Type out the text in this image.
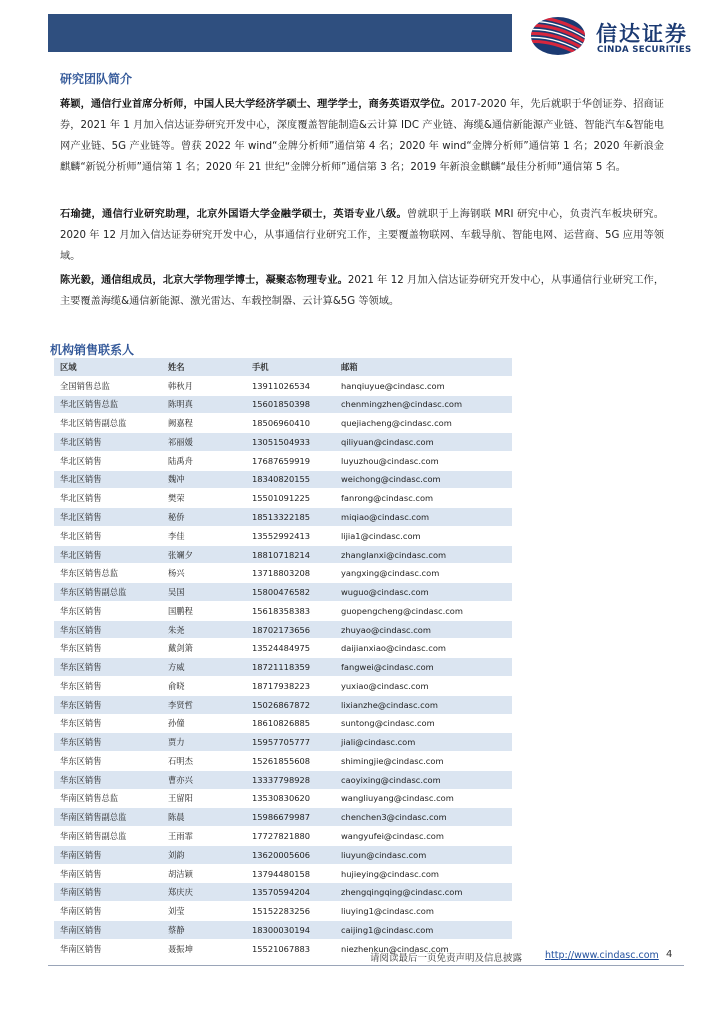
信达证券
CINDA SECURITIES
研究团队简介
蒋颖，通信行业首席分析师，中国人民大学经济学硕士、理学学士，商务英语双学位。2017-2020 年，先后就职于华创证券、招商证券，2021 年 1 月加入信达证券研究开发中心，深度覆盖智能制造&云计算 IDC 产业链、海缆&通信新能源产业链、智能汽车&智能电网产业链、5G 产业链等。曾获 2022 年 wind“金牌分析师”通信第 4 名；2020 年 wind“金牌分析师”通信第 1 名；2020 年新浪金麒麟“新锐分析师”通信第 1 名；2020 年 21 世纪“金牌分析师”通信第 3 名；2019 年新浪金麒麟“最佳分析师”通信第 5 名。
石瑜捷，通信行业研究助理，北京外国语大学金融学硕士，英语专业八级。曾就职于上海钢联 MRI 研究中心，负责汽车板块研究。2020 年 12 月加入信达证券研究开发中心，从事通信行业研究工作，主要覆盖物联网、车载导航、智能电网、运营商、5G 应用等领域。
陈光毅，通信组成员，北京大学物理学博士，凝聚态物理专业。2021 年 12 月加入信达证券研究开发中心，从事通信行业研究工作，主要覆盖海缆&通信新能源、激光雷达、车载控制器、云计算&5G 等领域。
机构销售联系人
区域	姓名	手机	邮箱
全国销售总监	韩秋月	13911026534	hanqiuyue@cindasc.com
华北区销售总监	陈明真	15601850398	chenmingzhen@cindasc.com
华北区销售副总监	阙嘉程	18506960410	quejiacheng@cindasc.com
华北区销售	祁丽媛	13051504933	qiliyuan@cindasc.com
华北区销售	陆禹舟	17687659919	luyuzhou@cindasc.com
华北区销售	魏冲	18340820155	weichong@cindasc.com
华北区销售	樊荣	15501091225	fanrong@cindasc.com
华北区销售	秘侨	18513322185	miqiao@cindasc.com
华北区销售	李佳	13552992413	lijia1@cindasc.com
华北区销售	张斓夕	18810718214	zhanglanxi@cindasc.com
华东区销售总监	杨兴	13718803208	yangxing@cindasc.com
华东区销售副总监	吴国	15800476582	wuguo@cindasc.com
华东区销售	国鹏程	15618358383	guopengcheng@cindasc.com
华东区销售	朱尧	18702173656	zhuyao@cindasc.com
华东区销售	戴剑箫	13524484975	daijianxiao@cindasc.com
华东区销售	方威	18721118359	fangwei@cindasc.com
华东区销售	俞晓	18717938223	yuxiao@cindasc.com
华东区销售	李贤哲	15026867872	lixianzhe@cindasc.com
华东区销售	孙僮	18610826885	suntong@cindasc.com
华东区销售	贾力	15957705777	jiali@cindasc.com
华东区销售	石明杰	15261855608	shimingjie@cindasc.com
华东区销售	曹亦兴	13337798928	caoyixing@cindasc.com
华南区销售总监	王留阳	13530830620	wangliuyang@cindasc.com
华南区销售副总监	陈晨	15986679987	chenchen3@cindasc.com
华南区销售副总监	王雨霏	17727821880	wangyufei@cindasc.com
华南区销售	刘韵	13620005606	liuyun@cindasc.com
华南区销售	胡洁颖	13794480158	hujieying@cindasc.com
华南区销售	郑庆庆	13570594204	zhengqingqing@cindasc.com
华南区销售	刘莹	15152283256	liuying1@cindasc.com
华南区销售	蔡静	18300030194	caijing1@cindasc.com
华南区销售	聂振坤	15521067883	niezhenkun@cindasc.com
请阅读最后一页免责声明及信息披露 http://www.cindasc.com 4
